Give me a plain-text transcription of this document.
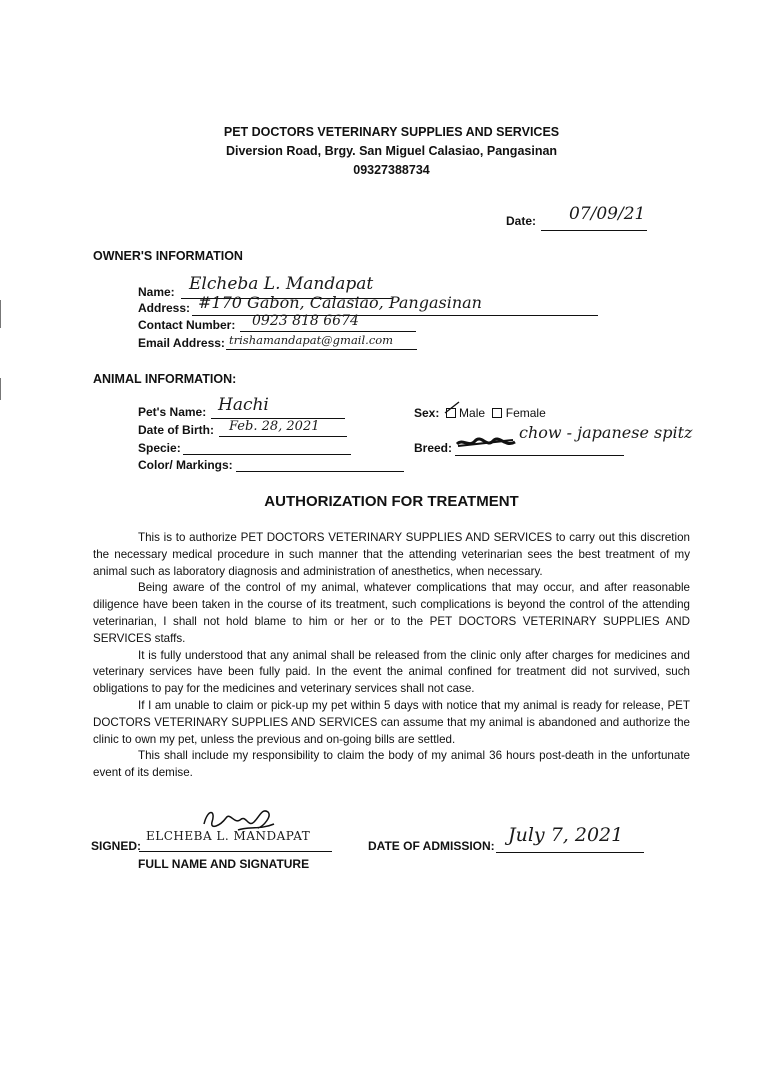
PET DOCTORS VETERINARY SUPPLIES AND SERVICES
Diversion Road, Brgy. San Miguel Calasiao, Pangasinan
09327388734
Date: 07/09/21
OWNER'S INFORMATION
Name: Elcheba L. Mandapat
Address: #170 Gabon, Calasiao, Pangasinan
Contact Number: 0923 818 6674
Email Address: trishamandapat@gmail.com
ANIMAL INFORMATION:
Pet's Name: Hachi
Date of Birth: Feb. 28, 2021
Specie:
Color/ Markings:
Sex: Male Female
Breed:
chow - japanese spitz
AUTHORIZATION FOR TREATMENT

This is to authorize PET DOCTORS VETERINARY SUPPLIES AND SERVICES to carry out this discretion the necessary medical procedure in such manner that the attending veterinarian sees the best treatment of my animal such as laboratory diagnosis and administration of anesthetics, when necessary.

Being aware of the control of my animal, whatever complications that may occur, and after reasonable diligence have been taken in the course of its treatment, such complications is beyond the control of the attending veterinarian, I shall not hold blame to him or her or to the PET DOCTORS VETERINARY SUPPLIES AND SERVICES staffs.

It is fully understood that any animal shall be released from the clinic only after charges for medicines and veterinary services have been fully paid. In the event the animal confined for treatment did not survived, such obligations to pay for the medicines and veterinary services shall not case.

If I am unable to claim or pick-up my pet within 5 days with notice that my animal is ready for release, PET DOCTORS VETERINARY SUPPLIES AND SERVICES can assume that my animal is abandoned and authorize the clinic to own my pet, unless the previous and on-going bills are settled.

This shall include my responsibility to claim the body of my animal 36 hours post-death in the unfortunate event of its demise.

SIGNED:
ELCHEBA L. MANDAPAT
FULL NAME AND SIGNATURE
DATE OF ADMISSION: July 7, 2021
